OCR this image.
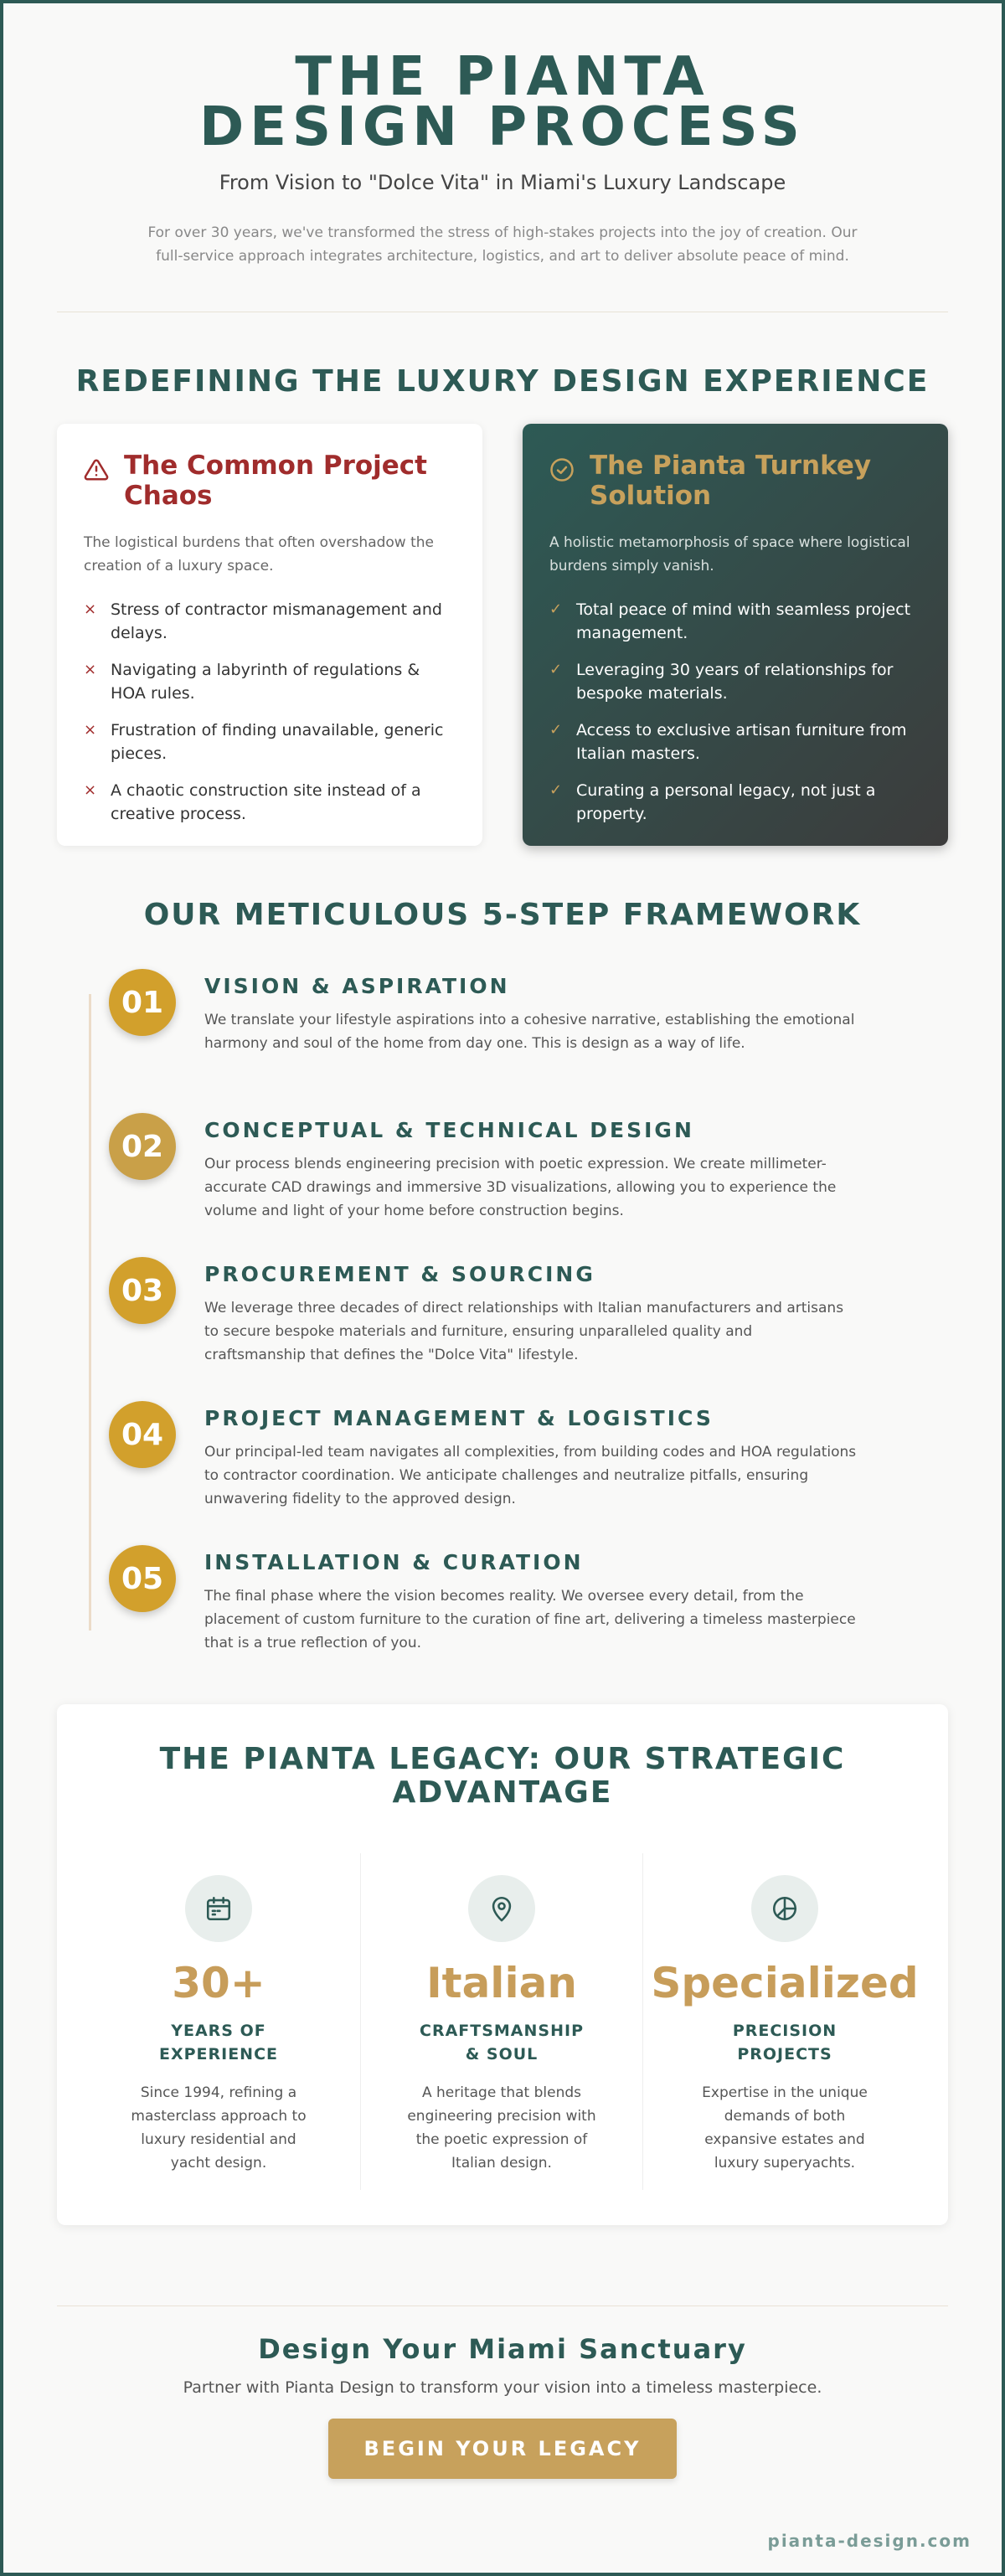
THE PIANTA DESIGN PROCESS
From Vision to "Dolce Vita" in Miami's Luxury Landscape

For over 30 years, we've transformed the stress of high-stakes projects into the joy of creation. Our full-service approach integrates architecture, logistics, and art to deliver absolute peace of mind.

REDEFINING THE LUXURY DESIGN EXPERIENCE
The Common Project Chaos

The logistical burdens that often overshadow the creation of a luxury space.

× Stress of contractor mismanagement and delays.
× Navigating a labyrinth of regulations & HOA rules.
× Frustration of finding unavailable, generic pieces.
× A chaotic construction site instead of a creative process.
The Pianta Turnkey Solution

A holistic metamorphosis of space where logistical burdens simply vanish.

✓ Total peace of mind with seamless project management.
✓ Leveraging 30 years of relationships for bespoke materials.
✓ Access to exclusive artisan furniture from Italian masters.
✓ Curating a personal legacy, not just a property.
OUR METICULOUS 5-STEP FRAMEWORK
01	VISION & ASPIRATION

We translate your lifestyle aspirations into a cohesive narrative, establishing the emotional harmony and soul of the home from day one. This is design as a way of life.

02	CONCEPTUAL & TECHNICAL DESIGN

Our process blends engineering precision with poetic expression. We create millimeter-accurate CAD drawings and immersive 3D visualizations, allowing you to experience the volume and light of your home before construction begins.

03	PROCUREMENT & SOURCING

We leverage three decades of direct relationships with Italian manufacturers and artisans to secure bespoke materials and furniture, ensuring unparalleled quality and craftsmanship that defines the "Dolce Vita" lifestyle.

04	PROJECT MANAGEMENT & LOGISTICS

Our principal-led team navigates all complexities, from building codes and HOA regulations to contractor coordination. We anticipate challenges and neutralize pitfalls, ensuring unwavering fidelity to the approved design.

05	INSTALLATION & CURATION

The final phase where the vision becomes reality. We oversee every detail, from the placement of custom furniture to the curation of fine art, delivering a timeless masterpiece that is a true reflection of you.

THE PIANTA LEGACY: OUR STRATEGIC ADVANTAGE
30+
YEARS OF EXPERIENCE
Since 1994, refining a masterclass approach to luxury residential and yacht design.
Italian
CRAFTSMANSHIP & SOUL
A heritage that blends engineering precision with the poetic expression of Italian design.
Specialized
PRECISION PROJECTS
Expertise in the unique demands of both expansive estates and luxury superyachts.
Design Your Miami Sanctuary

Partner with Pianta Design to transform your vision into a timeless masterpiece.

BEGIN YOUR LEGACY
pianta-design.com
